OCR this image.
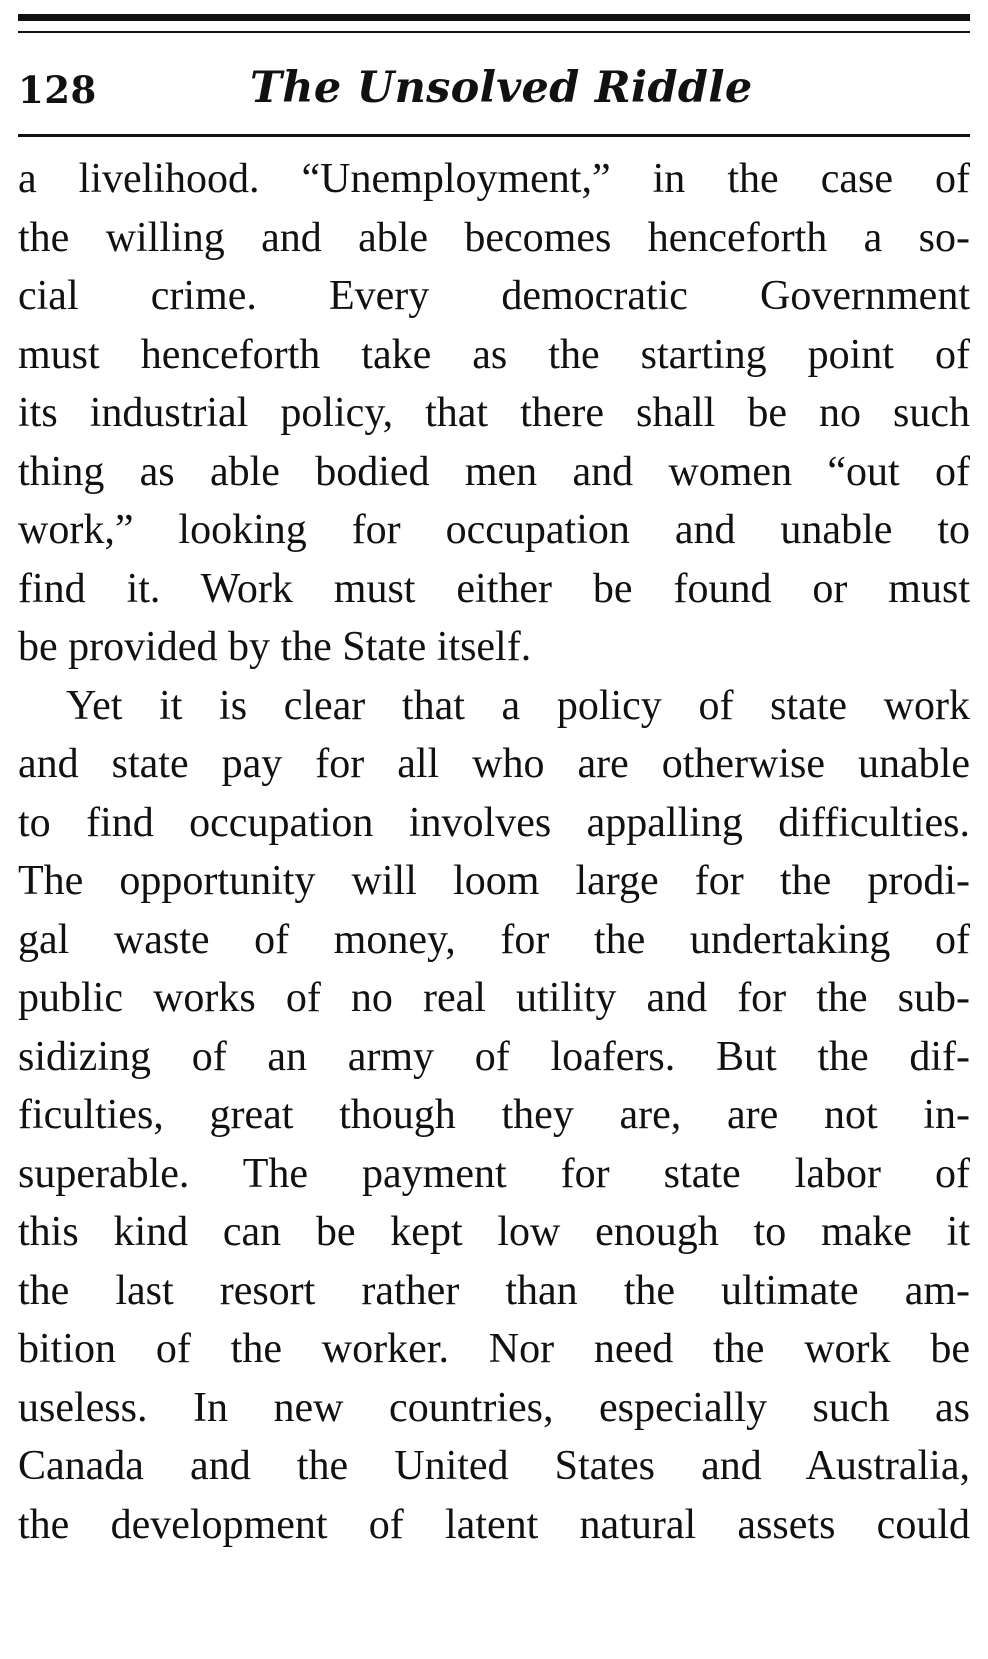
128	The Unsolved Riddle
a livelihood. “Unemployment,” in the case of
the willing and able becomes henceforth a so-
cial crime. Every democratic Government
must henceforth take as the starting point of
its industrial policy, that there shall be no such
thing as able bodied men and women “out of
work,” looking for occupation and unable to
find it. Work must either be found or must
be provided by the State itself.
Yet it is clear that a policy of state work
and state pay for all who are otherwise unable
to find occupation involves appalling difficulties.
The opportunity will loom large for the prodi-
gal waste of money, for the undertaking of
public works of no real utility and for the sub-
sidizing of an army of loafers. But the dif-
ficulties, great though they are, are not in-
superable. The payment for state labor of
this kind can be kept low enough to make it
the last resort rather than the ultimate am-
bition of the worker. Nor need the work be
useless. In new countries, especially such as
Canada and the United States and Australia,
the development of latent natural assets could
